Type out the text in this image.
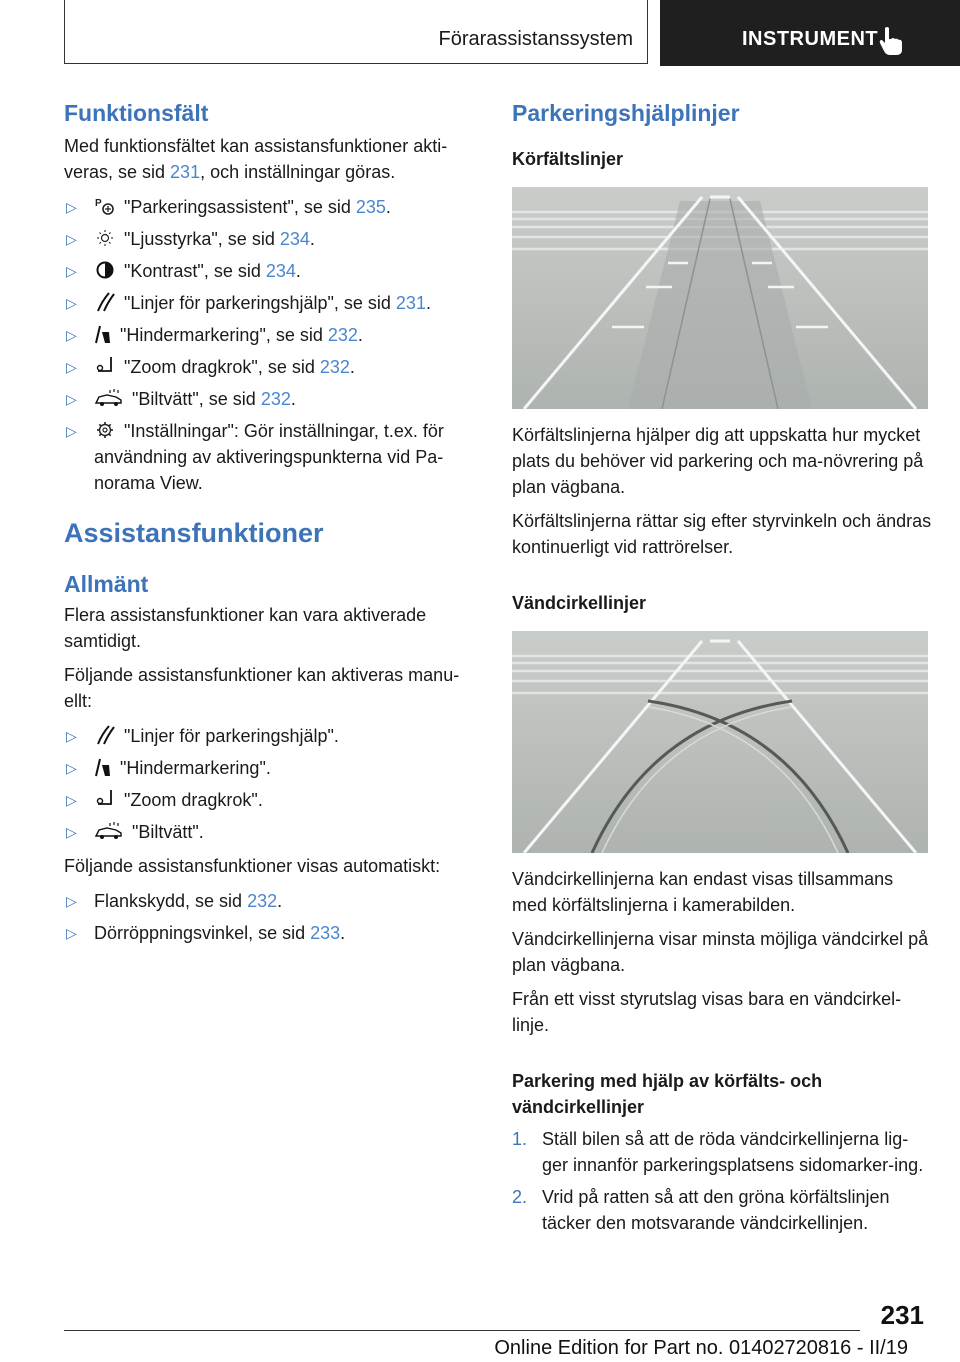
Förarassistanssystem	INSTRUMENT
Funktionsfält

Med funktionsfältet kan assistansfunktioner akti-
veras, se sid 231, och inställningar göras.

▷ P "Parkeringsassistent", se sid 235.
▷	"Ljusstyrka", se sid 234.
▷	"Kontrast", se sid 234.
▷	"Linjer för parkeringshjälp", se sid 231.
▷ "Hindermarkering", se sid 232.
▷	"Zoom dragkrok", se sid 232.
▷	"Biltvätt", se sid 232.
▷	"Inställningar": Gör inställningar, t.ex. för användning av aktiveringspunkterna vid Pa-norama View.
Assistansfunktioner
Allmänt

Flera assistansfunktioner kan vara aktiverade samtidigt.

Följande assistansfunktioner kan aktiveras manu-ellt:

▷	"Linjer för parkeringshjälp".
▷ "Hindermarkering".
▷	"Zoom dragkrok".
▷	"Biltvätt".

Följande assistansfunktioner visas automatiskt:

▷ Flankskydd, se sid 232.
▷ Dörröppningsvinkel, se sid 233.
Parkeringshjälplinjer
Körfältslinjer

Körfältslinjerna hjälper dig att uppskatta hur mycket plats du behöver vid parkering och ma-növrering på plan vägbana.

Körfältslinjerna rättar sig efter styrvinkeln och ändras kontinuerligt vid rattrörelser.

Vändcirkellinjer

Vändcirkellinjerna kan endast visas tillsammans med körfältslinjerna i kamerabilden.

Vändcirkellinjerna visar minsta möjliga vändcirkel på plan vägbana.

Från ett visst styrutslag visas bara en vändcirkel-linje.

Parkering med hjälp av körfälts- och vändcirkellinjer
1. Ställ bilen så att de röda vändcirkellinjerna lig-ger innanför parkeringsplatsens sidomarker-ing.
2. Vrid på ratten så att den gröna körfältslinjen täcker den motsvarande vändcirkellinjen.
231
Online Edition for Part no. 01402720816 - II/19
